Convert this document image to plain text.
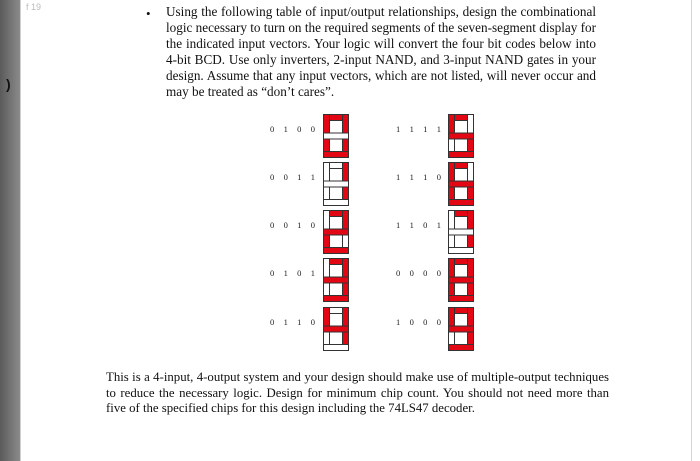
)
f 19	• Using the following table of input/output relationships, design the combinational logic necessary to turn on the required segments of the seven-segment display for the indicated input vectors. Your logic will convert the four bit codes below into 4-bit BCD. Use only inverters, 2-input NAND, and 3-input NAND gates in your design. Assume that any input vectors, which are not listed, will never occur and may be treated as “don’t cares”.
0 1 0 0
0 0 1 1
0 0 1 0
0 1 0 1
0 1 1 0
1 1 1 1
1 1 1 0
1 1 0 1
0 0 0 0
1 0 0 0
This is a 4-input, 4-output system and your design should make use of multiple-output techniques to reduce the necessary logic. Design for minimum chip count. You should not need more than five of the specified chips for this design including the 74LS47 decoder.
